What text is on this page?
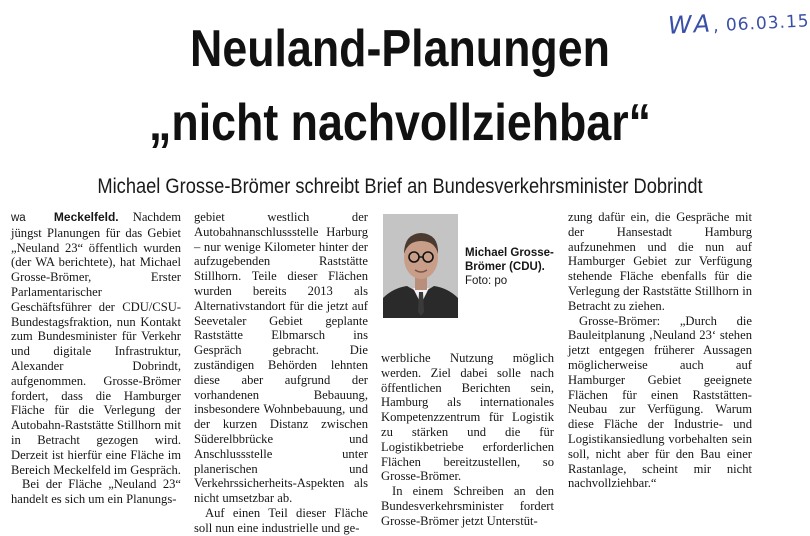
WA, 06.03.15
Neuland-Planungen
„nicht nachvollziehbar“
Michael Grosse-Brömer schreibt Brief an Bundesverkehrsminister Dobrindt

wa Meckelfeld. Nachdem jüngst Planungen für das Gebiet „Neuland 23“ öffentlich wurden (der WA berichtete), hat Michael Grosse-Brömer, Erster Parlamentarischer Geschäftsführer der CDU/CSU-Bundestagsfraktion, nun Kontakt zum Bundesminister für Verkehr und digitale Infrastruktur, Alexander Dobrindt, aufgenommen. Grosse-Brömer fordert, dass die Hamburger Fläche für die Verlegung der Autobahn-Raststätte Stillhorn mit in Betracht gezogen wird. Derzeit ist hierfür eine Fläche im Bereich Meckelfeld im Gespräch.

Bei der Fläche „Neuland 23“ handelt es sich um ein Planungs-

gebiet westlich der Autobahnanschlussstelle Harburg – nur wenige Kilometer hinter der aufzugebenden Raststätte Stillhorn. Teile dieser Flächen wurden bereits 2013 als Alternativstandort für die jetzt auf Seevetaler Gebiet geplante Raststätte Elbmarsch ins Gespräch gebracht. Die zuständigen Behörden lehnten diese aber aufgrund der vorhandenen Bebauung, insbesondere Wohnbebauung, und der kurzen Distanz zwischen Süderelbbrücke und Anschlussstelle unter planerischen und Verkehrssicherheits-Aspekten als nicht umsetzbar ab.

Auf einen Teil dieser Fläche soll nun eine industrielle und ge-

Michael Grosse-Brömer (CDU).
Foto: po

werbliche Nutzung möglich werden. Ziel dabei solle nach öffentlichen Berichten sein, Hamburg als internationales Kompetenzzentrum für Logistik zu stärken und die für Logistikbetriebe erforderlichen Flächen bereitzustellen, so Grosse-Brömer.

In einem Schreiben an den Bundesverkehrsminister fordert Grosse-Brömer jetzt Unterstüt-

zung dafür ein, die Gespräche mit der Hansestadt Hamburg aufzunehmen und die nun auf Hamburger Gebiet zur Verfügung stehende Fläche ebenfalls für die Verlegung der Raststätte Stillhorn in Betracht zu ziehen.

Grosse-Brömer: „Durch die Bauleitplanung ‚Neuland 23‘ stehen jetzt entgegen früherer Aussagen möglicherweise auch auf Hamburger Gebiet geeignete Flächen für einen Raststätten-Neubau zur Verfügung. Warum diese Fläche der Industrie- und Logistikansiedlung vorbehalten sein soll, nicht aber für den Bau einer Rastanlage, scheint mir nicht nachvollziehbar.“
